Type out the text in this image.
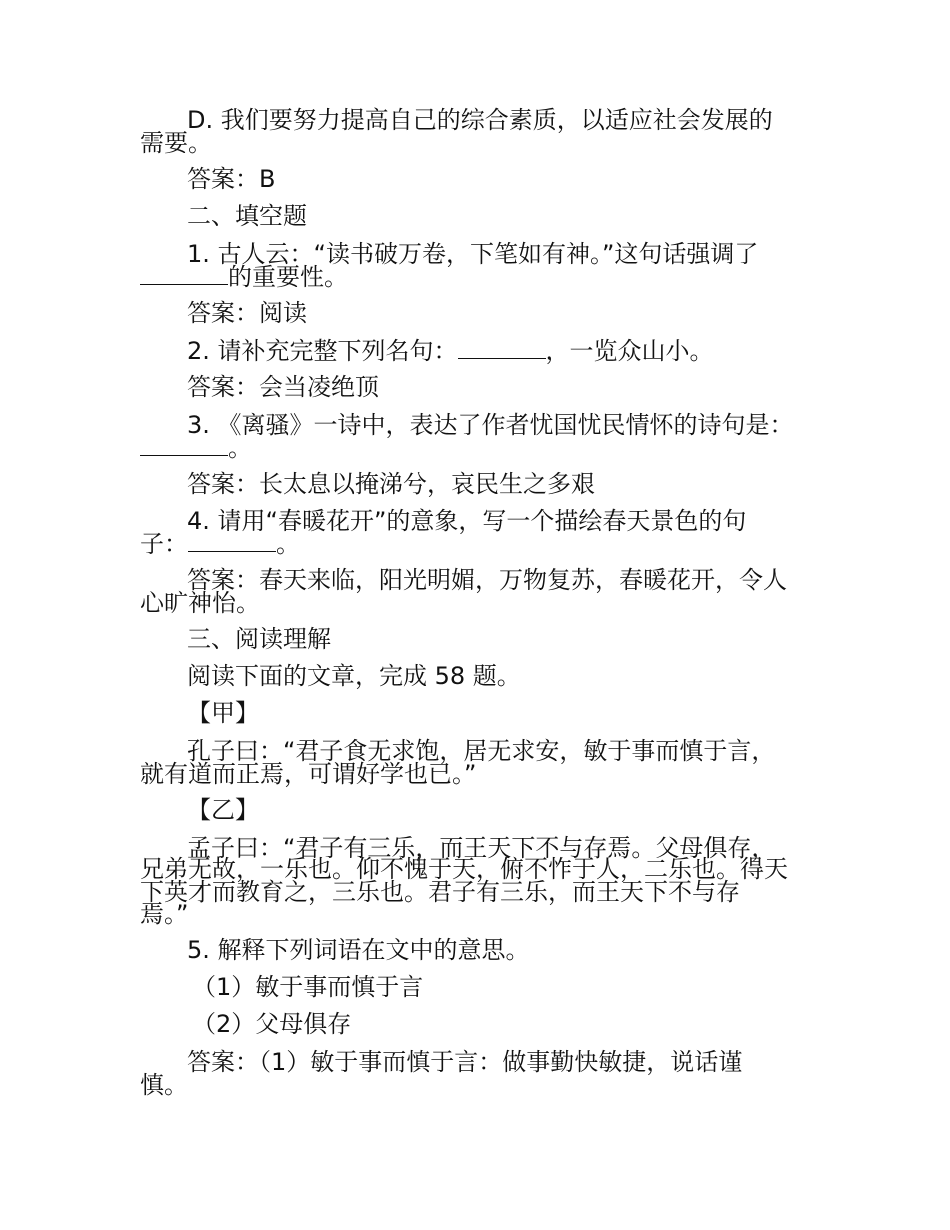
D. 我们要努力提高自己的综合素质，以适应社会发展的
需要。
答案：B
二、填空题
1. 古人云：“读书破万卷，下笔如有神。”这句话强调了
的重要性。
答案：阅读
2. 请补充完整下列名句：	，一览众山小。
答案：会当凌绝顶
3. 《离骚》一诗中，表达了作者忧国忧民情怀的诗句是：
。
答案：长太息以掩涕兮，哀民生之多艰
4. 请用“春暖花开”的意象，写一个描绘春天景色的句
子：	。
答案：春天来临，阳光明媚，万物复苏，春暖花开，令人
心旷神怡。
三、阅读理解
阅读下面的文章，完成 58 题。
【甲】
孔子曰：“君子食无求饱，居无求安，敏于事而慎于言，
就有道而正焉，可谓好学也已。”
【乙】
孟子曰：“君子有三乐，而王天下不与存焉。父母俱存，
兄弟无故，一乐也。仰不愧于天，俯不怍于人，二乐也。得天
下英才而教育之，三乐也。君子有三乐，而王天下不与存
焉。”
5. 解释下列词语在文中的意思。
（1）敏于事而慎于言
（2）父母俱存
答案：（1）敏于事而慎于言：做事勤快敏捷，说话谨
慎。
